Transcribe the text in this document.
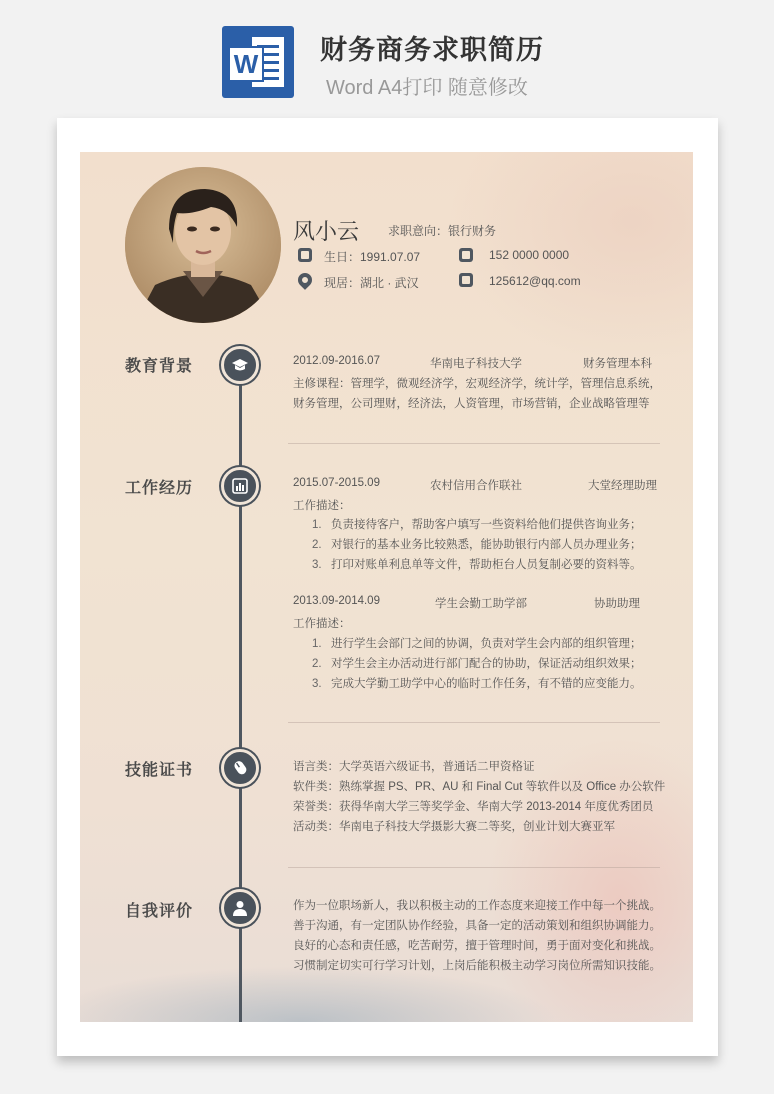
W 财务商务求职简历
Word A4打印 随意修改
风小云 求职意向：银行财务
生日：1991.07.07	152 0000 0000
现居：湖北 · 武汉	125612@qq.com
教育背景	2012.09-2016.07	华南电子科技大学	财务管理本科
主修课程：管理学，微观经济学，宏观经济学，统计学，管理信息系统，
财务管理，公司理财，经济法，人资管理，市场营销，企业战略管理等
工作经历	2015.07-2015.09	农村信用合作联社	大堂经理助理
工作描述：
1. 负责接待客户，帮助客户填写一些资料给他们提供咨询业务；
2. 对银行的基本业务比较熟悉，能协助银行内部人员办理业务；
3. 打印对账单利息单等文件，帮助柜台人员复制必要的资料等。
2013.09-2014.09	学生会勤工助学部	协助助理
工作描述：
1. 进行学生会部门之间的协调，负责对学生会内部的组织管理；
2. 对学生会主办活动进行部门配合的协助，保证活动组织效果；
3. 完成大学勤工助学中心的临时工作任务，有不错的应变能力。
技能证书	语言类：大学英语六级证书，普通话二甲资格证
软件类：熟练掌握 PS、PR、AU 和 Final Cut 等软件以及 Office 办公软件
荣誉类：获得华南大学三等奖学金、华南大学 2013-2014 年度优秀团员
活动类：华南电子科技大学摄影大赛二等奖，创业计划大赛亚军
自我评价	作为一位职场新人，我以积极主动的工作态度来迎接工作中每一个挑战。
善于沟通，有一定团队协作经验，具备一定的活动策划和组织协调能力。
良好的心态和责任感，吃苦耐劳，擅于管理时间，勇于面对变化和挑战。
习惯制定切实可行学习计划，上岗后能积极主动学习岗位所需知识技能。
